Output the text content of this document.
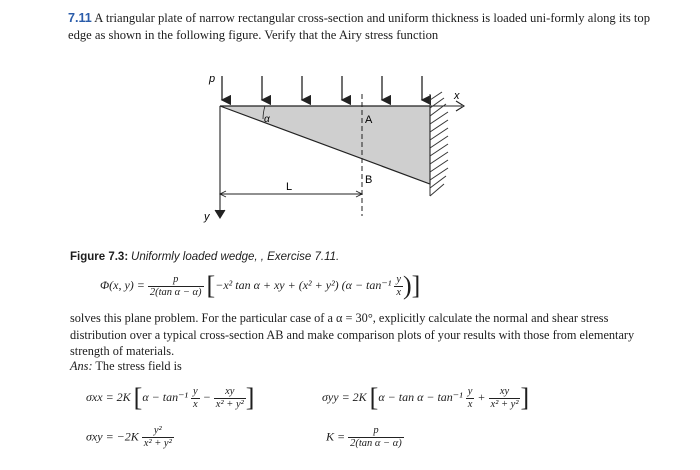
7.11 A triangular plate of narrow rectangular cross-section and uniform thickness is loaded uni-formly along its top edge as shown in the following figure. Verify that the Airy stress function
p
x
y
α	A
B
L
Figure 7.3: Uniformly loaded wedge, , Exercise 7.11.
Φ(x, $y) = \frac{p}{\text{2(tan α − α)}} [-x^2$ tan α + xy + (x² + y²) ($\alpha - \tan^{-1} \frac{y}{x}$ )]
solves this plane problem. For the particular case of a α = 30°, explicitly calculate the normal and shear stress distribution over a typical cross-section AB and make comparison plots of your results with those from elementary strength of materials.
Ans: The stress field is
σxx = 2K [$\alpha - \tan^{-1} \frac{y}{x} - \frac{xy}{\text{x² + y²}}$ ]	σyy = 2K [$\alpha - \tan \alpha - \tan^{-1} \frac{y}{x} + \frac{xy}{\text{x² + y²}}$ ]
$\sigma xy = -2K \frac{\text{y²}}{\text{x² + y²}}$	$K = \frac{p}{\text{2(tan α − α)}}$
